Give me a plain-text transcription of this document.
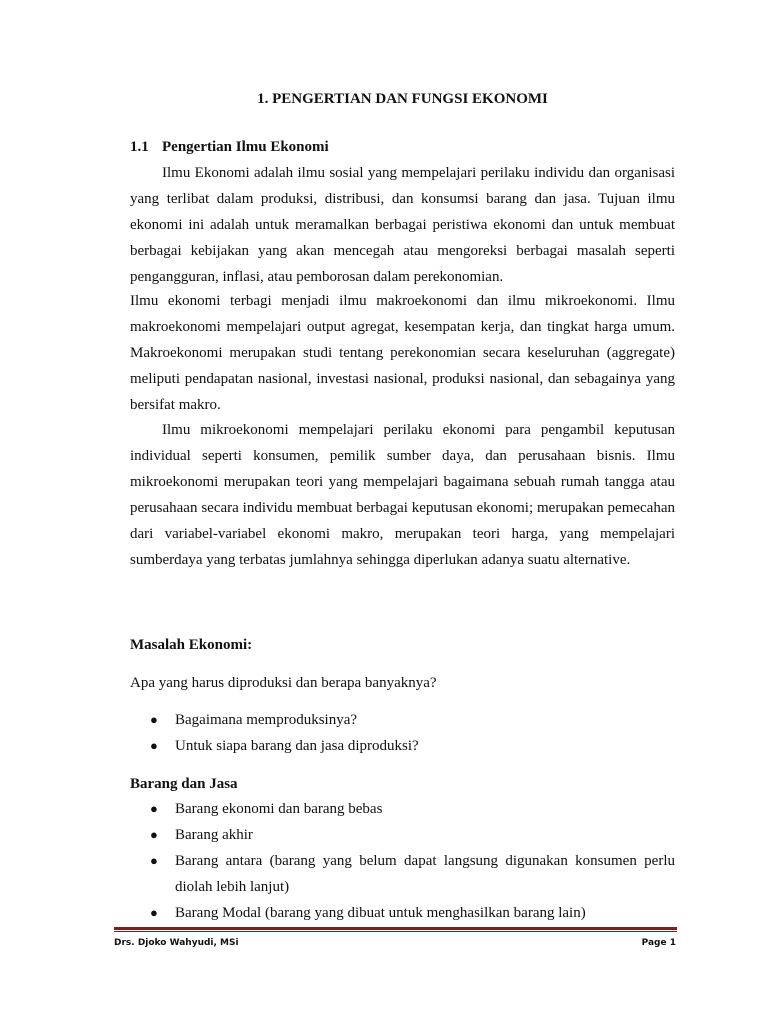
1. PENGERTIAN DAN FUNGSI EKONOMI
1.1 Pengertian Ilmu Ekonomi
Ilmu Ekonomi adalah ilmu sosial yang mempelajari perilaku individu dan organisasi yang terlibat dalam produksi, distribusi, dan konsumsi barang dan jasa. Tujuan ilmu ekonomi ini adalah untuk meramalkan berbagai peristiwa ekonomi dan untuk membuat berbagai kebijakan yang akan mencegah atau mengoreksi berbagai masalah seperti pengangguran, inflasi, atau pemborosan dalam perekonomian.
Ilmu ekonomi terbagi menjadi ilmu makroekonomi dan ilmu mikroekonomi. Ilmu makroekonomi mempelajari output agregat, kesempatan kerja, dan tingkat harga umum. Makroekonomi merupakan studi tentang perekonomian secara keseluruhan (aggregate) meliputi pendapatan nasional, investasi nasional, produksi nasional, dan sebagainya yang bersifat makro.
Ilmu mikroekonomi mempelajari perilaku ekonomi para pengambil keputusan individual seperti konsumen, pemilik sumber daya, dan perusahaan bisnis. Ilmu mikroekonomi merupakan teori yang mempelajari bagaimana sebuah rumah tangga atau perusahaan secara individu membuat berbagai keputusan ekonomi; merupakan pemecahan dari variabel-variabel ekonomi makro, merupakan teori harga, yang mempelajari sumberdaya yang terbatas jumlahnya sehingga diperlukan adanya suatu alternative.
Masalah Ekonomi:
Apa yang harus diproduksi dan berapa banyaknya?
● Bagaimana memproduksinya?
● Untuk siapa barang dan jasa diproduksi?
Barang dan Jasa
● Barang ekonomi dan barang bebas
● Barang akhir
● Barang antara (barang yang belum dapat langsung digunakan konsumen perlu diolah lebih lanjut)
● Barang Modal (barang yang dibuat untuk menghasilkan barang lain)
Drs. Djoko Wahyudi, MSi	Page 1
